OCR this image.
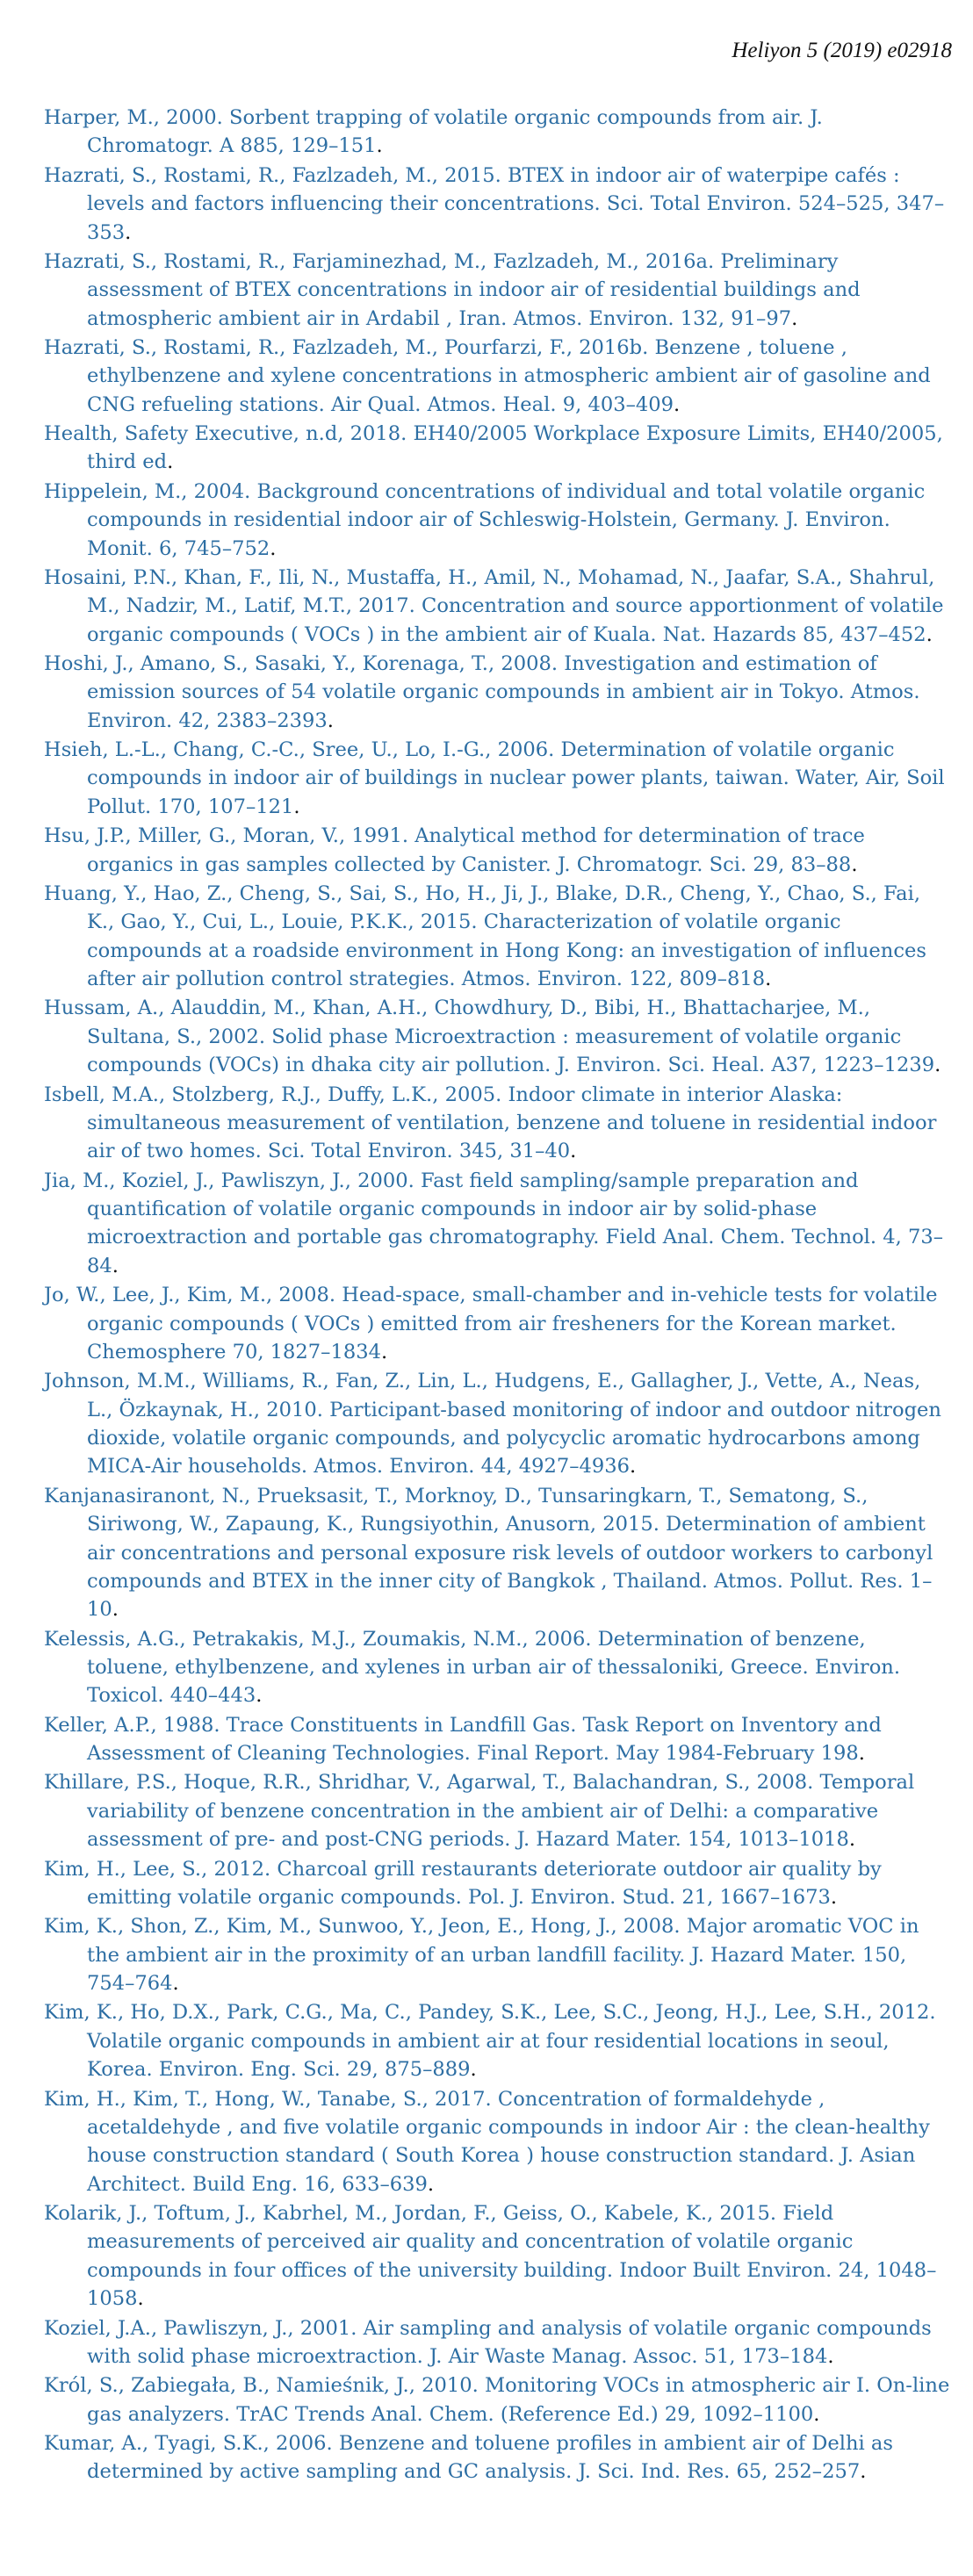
Heliyon 5 (2019) e02918
Harper, M., 2000. Sorbent trapping of volatile organic compounds from air. J. Chromatogr. A 885, 129–151.
Hazrati, S., Rostami, R., Fazlzadeh, M., 2015. BTEX in indoor air of waterpipe cafés : levels and factors influencing their concentrations. Sci. Total Environ. 524–525, 347–353.
Hazrati, S., Rostami, R., Farjaminezhad, M., Fazlzadeh, M., 2016a. Preliminary assessment of BTEX concentrations in indoor air of residential buildings and atmospheric ambient air in Ardabil , Iran. Atmos. Environ. 132, 91–97.
Hazrati, S., Rostami, R., Fazlzadeh, M., Pourfarzi, F., 2016b. Benzene , toluene , ethylbenzene and xylene concentrations in atmospheric ambient air of gasoline and CNG refueling stations. Air Qual. Atmos. Heal. 9, 403–409.
Health, Safety Executive, n.d, 2018. EH40/2005 Workplace Exposure Limits, EH40/2005, third ed.
Hippelein, M., 2004. Background concentrations of individual and total volatile organic compounds in residential indoor air of Schleswig-Holstein, Germany. J. Environ. Monit. 6, 745–752.
Hosaini, P.N., Khan, F., Ili, N., Mustaffa, H., Amil, N., Mohamad, N., Jaafar, S.A., Shahrul, M., Nadzir, M., Latif, M.T., 2017. Concentration and source apportionment of volatile organic compounds ( VOCs ) in the ambient air of Kuala. Nat. Hazards 85, 437–452.
Hoshi, J., Amano, S., Sasaki, Y., Korenaga, T., 2008. Investigation and estimation of emission sources of 54 volatile organic compounds in ambient air in Tokyo. Atmos. Environ. 42, 2383–2393.
Hsieh, L.-L., Chang, C.-C., Sree, U., Lo, I.-G., 2006. Determination of volatile organic compounds in indoor air of buildings in nuclear power plants, taiwan. Water, Air, Soil Pollut. 170, 107–121.
Hsu, J.P., Miller, G., Moran, V., 1991. Analytical method for determination of trace organics in gas samples collected by Canister. J. Chromatogr. Sci. 29, 83–88.
Huang, Y., Hao, Z., Cheng, S., Sai, S., Ho, H., Ji, J., Blake, D.R., Cheng, Y., Chao, S., Fai, K., Gao, Y., Cui, L., Louie, P.K.K., 2015. Characterization of volatile organic compounds at a roadside environment in Hong Kong: an investigation of influences after air pollution control strategies. Atmos. Environ. 122, 809–818.
Hussam, A., Alauddin, M., Khan, A.H., Chowdhury, D., Bibi, H., Bhattacharjee, M., Sultana, S., 2002. Solid phase Microextraction : measurement of volatile organic compounds (VOCs) in dhaka city air pollution. J. Environ. Sci. Heal. A37, 1223–1239.
Isbell, M.A., Stolzberg, R.J., Duffy, L.K., 2005. Indoor climate in interior Alaska: simultaneous measurement of ventilation, benzene and toluene in residential indoor air of two homes. Sci. Total Environ. 345, 31–40.
Jia, M., Koziel, J., Pawliszyn, J., 2000. Fast field sampling/sample preparation and quantification of volatile organic compounds in indoor air by solid-phase microextraction and portable gas chromatography. Field Anal. Chem. Technol. 4, 73–84.
Jo, W., Lee, J., Kim, M., 2008. Head-space, small-chamber and in-vehicle tests for volatile organic compounds ( VOCs ) emitted from air fresheners for the Korean market. Chemosphere 70, 1827–1834.
Johnson, M.M., Williams, R., Fan, Z., Lin, L., Hudgens, E., Gallagher, J., Vette, A., Neas, L., Özkaynak, H., 2010. Participant-based monitoring of indoor and outdoor nitrogen dioxide, volatile organic compounds, and polycyclic aromatic hydrocarbons among MICA-Air households. Atmos. Environ. 44, 4927–4936.
Kanjanasiranont, N., Prueksasit, T., Morknoy, D., Tunsaringkarn, T., Sematong, S., Siriwong, W., Zapaung, K., Rungsiyothin, Anusorn, 2015. Determination of ambient air concentrations and personal exposure risk levels of outdoor workers to carbonyl compounds and BTEX in the inner city of Bangkok , Thailand. Atmos. Pollut. Res. 1–10.
Kelessis, A.G., Petrakakis, M.J., Zoumakis, N.M., 2006. Determination of benzene, toluene, ethylbenzene, and xylenes in urban air of thessaloniki, Greece. Environ. Toxicol. 440–443.
Keller, A.P., 1988. Trace Constituents in Landfill Gas. Task Report on Inventory and Assessment of Cleaning Technologies. Final Report. May 1984-February 198.
Khillare, P.S., Hoque, R.R., Shridhar, V., Agarwal, T., Balachandran, S., 2008. Temporal variability of benzene concentration in the ambient air of Delhi: a comparative assessment of pre- and post-CNG periods. J. Hazard Mater. 154, 1013–1018.
Kim, H., Lee, S., 2012. Charcoal grill restaurants deteriorate outdoor air quality by emitting volatile organic compounds. Pol. J. Environ. Stud. 21, 1667–1673.
Kim, K., Shon, Z., Kim, M., Sunwoo, Y., Jeon, E., Hong, J., 2008. Major aromatic VOC in the ambient air in the proximity of an urban landfill facility. J. Hazard Mater. 150, 754–764.
Kim, K., Ho, D.X., Park, C.G., Ma, C., Pandey, S.K., Lee, S.C., Jeong, H.J., Lee, S.H., 2012. Volatile organic compounds in ambient air at four residential locations in seoul, Korea. Environ. Eng. Sci. 29, 875–889.
Kim, H., Kim, T., Hong, W., Tanabe, S., 2017. Concentration of formaldehyde , acetaldehyde , and five volatile organic compounds in indoor Air : the clean-healthy house construction standard ( South Korea ) house construction standard. J. Asian Architect. Build Eng. 16, 633–639.
Kolarik, J., Toftum, J., Kabrhel, M., Jordan, F., Geiss, O., Kabele, K., 2015. Field measurements of perceived air quality and concentration of volatile organic compounds in four offices of the university building. Indoor Built Environ. 24, 1048–1058.
Koziel, J.A., Pawliszyn, J., 2001. Air sampling and analysis of volatile organic compounds with solid phase microextraction. J. Air Waste Manag. Assoc. 51, 173–184.
Król, S., Zabiegała, B., Namieśnik, J., 2010. Monitoring VOCs in atmospheric air I. On-line gas analyzers. TrAC Trends Anal. Chem. (Reference Ed.) 29, 1092–1100.
Kumar, A., Tyagi, S.K., 2006. Benzene and toluene profiles in ambient air of Delhi as determined by active sampling and GC analysis. J. Sci. Ind. Res. 65, 252–257.
